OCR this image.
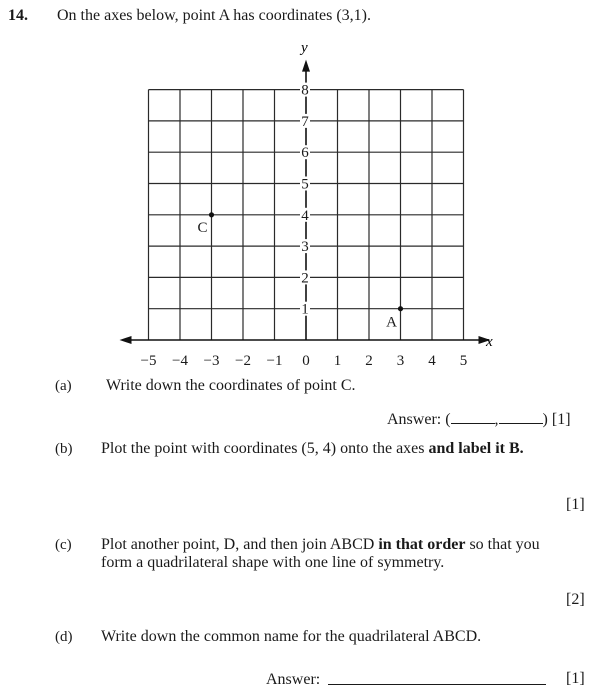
14. On the axes below, point A has coordinates (3,1).
−5 −4 −3 −2 −1 0 1 2 3 4 5
1
2
3
4
5
6
7
8
A
C
x
y
(a) Write down the coordinates of point C.
Answer: (	,	) [1]
(b) Plot the point with coordinates (5, 4) onto the axes and label it B.
[1]
(c) Plot another point, D, and then join ABCD in that order so that you
form a quadrilateral shape with one line of symmetry.
[2]
(d) Write down the common name for the quadrilateral ABCD.
Answer:	[1]
